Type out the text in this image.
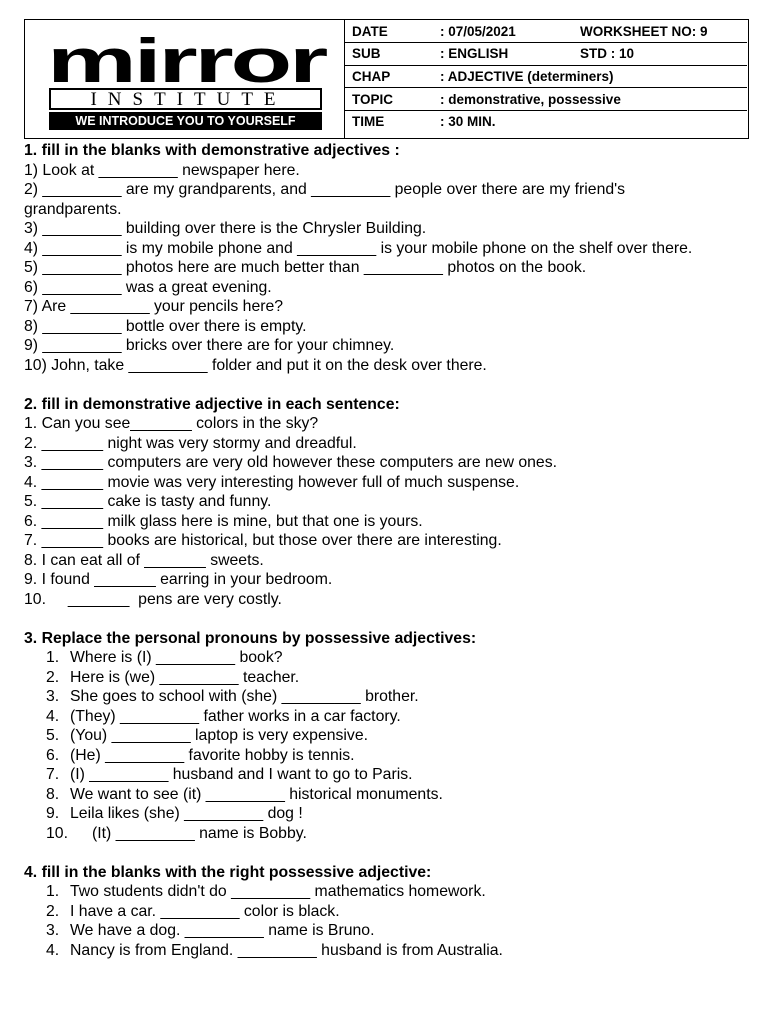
mirror
INSTITUTE
WE INTRODUCE YOU TO YOURSELF
DATE	: 07/05/2021	WORKSHEET NO: 9
SUB	: ENGLISH	STD : 10
CHAP	: ADJECTIVE (determiners)	
TOPIC	: demonstrative, possessive	
TIME	: 30 MIN.	
1. fill in the blanks with demonstrative adjectives :
1) Look at _________ newspaper here.
2) _________ are my grandparents, and _________ people over there are my friend's grandparents.
3) _________ building over there is the Chrysler Building.
4) _________ is my mobile phone and _________ is your mobile phone on the shelf over there.
5) _________ photos here are much better than _________ photos on the book.
6) _________ was a great evening.
7) Are _________ your pencils here?
8) _________ bottle over there is empty.
9) _________ bricks over there are for your chimney.
10) John, take _________ folder and put it on the desk over there.
2. fill in demonstrative adjective in each sentence:
1. Can you see_______ colors in the sky?
2. _______ night was very stormy and dreadful.
3. _______ computers are very old however these computers are new ones.
4. _______ movie was very interesting however full of much suspense.
5. _______ cake is tasty and funny.
6. _______ milk glass here is mine, but that one is yours.
7. _______ books are historical, but those over there are interesting.
8. I can eat all of _______ sweets.
9. I found _______ earring in your bedroom.
10.     _______  pens are very costly.
3. Replace the personal pronouns by possessive adjectives:
1. Where is (I) _________ book?
2. Here is (we) _________ teacher.
3. She goes to school with (she) _________ brother.
4. (They) _________ father works in a car factory.
5. (You) _________ laptop is very expensive.
6. (He) _________ favorite hobby is tennis.
7. (I) _________ husband and I want to go to Paris.
8. We want to see (it) _________ historical monuments.
9. Leila likes (she) _________ dog !
10. (It) _________ name is Bobby.
4. fill in the blanks with the right possessive adjective:
1. Two students didn't do _________ mathematics homework.
2. I have a car. _________ color is black.
3. We have a dog. _________ name is Bruno.
4. Nancy is from England. _________ husband is from Australia.
